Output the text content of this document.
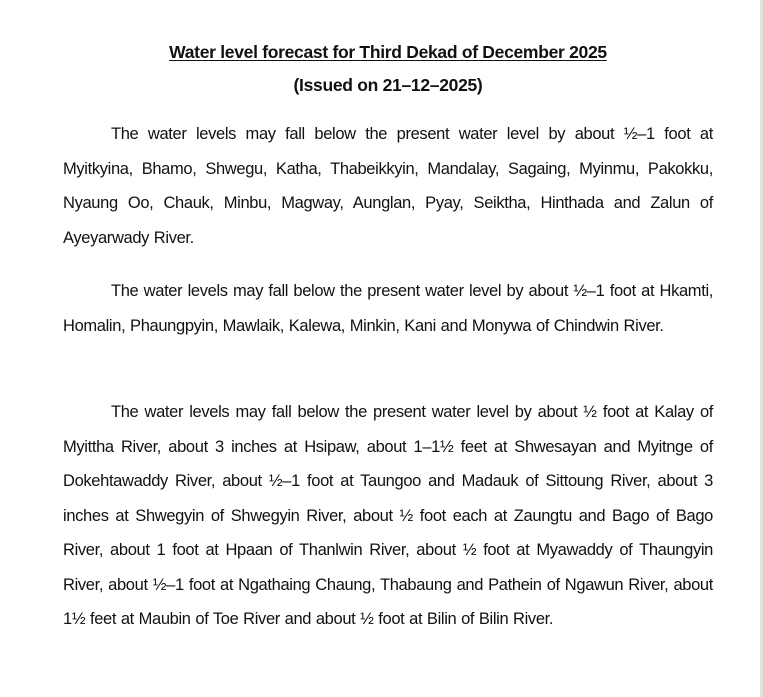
Water level forecast for Third Dekad of December 2025
(Issued on 21–12–2025)

The water levels may fall below the present water level by about ½–1 foot at Myitkyina, Bhamo, Shwegu, Katha, Thabeikkyin, Mandalay, Sagaing, Myinmu, Pakokku, Nyaung Oo, Chauk, Minbu, Magway, Aunglan, Pyay, Seiktha, Hinthada and Zalun of Ayeyarwady River.

The water levels may fall below the present water level by about ½–1 foot at Hkamti, Homalin, Phaungpyin, Mawlaik, Kalewa, Minkin, Kani and Monywa of Chindwin River.

The water levels may fall below the present water level by about ½ foot at Kalay of Myittha River, about 3 inches at Hsipaw, about 1–1½ feet at Shwesayan and Myitnge of Dokehtawaddy River, about ½–1 foot at Taungoo and Madauk of Sittoung River, about 3 inches at Shwegyin of Shwegyin River, about ½ foot each at Zaungtu and Bago of Bago River, about 1 foot at Hpaan of Thanlwin River, about ½ foot at Myawaddy of Thaungyin River, about ½–1 foot at Ngathaing Chaung, Thabaung and Pathein of Ngawun River, about 1½ feet at Maubin of Toe River and about ½ foot at Bilin of Bilin River.
